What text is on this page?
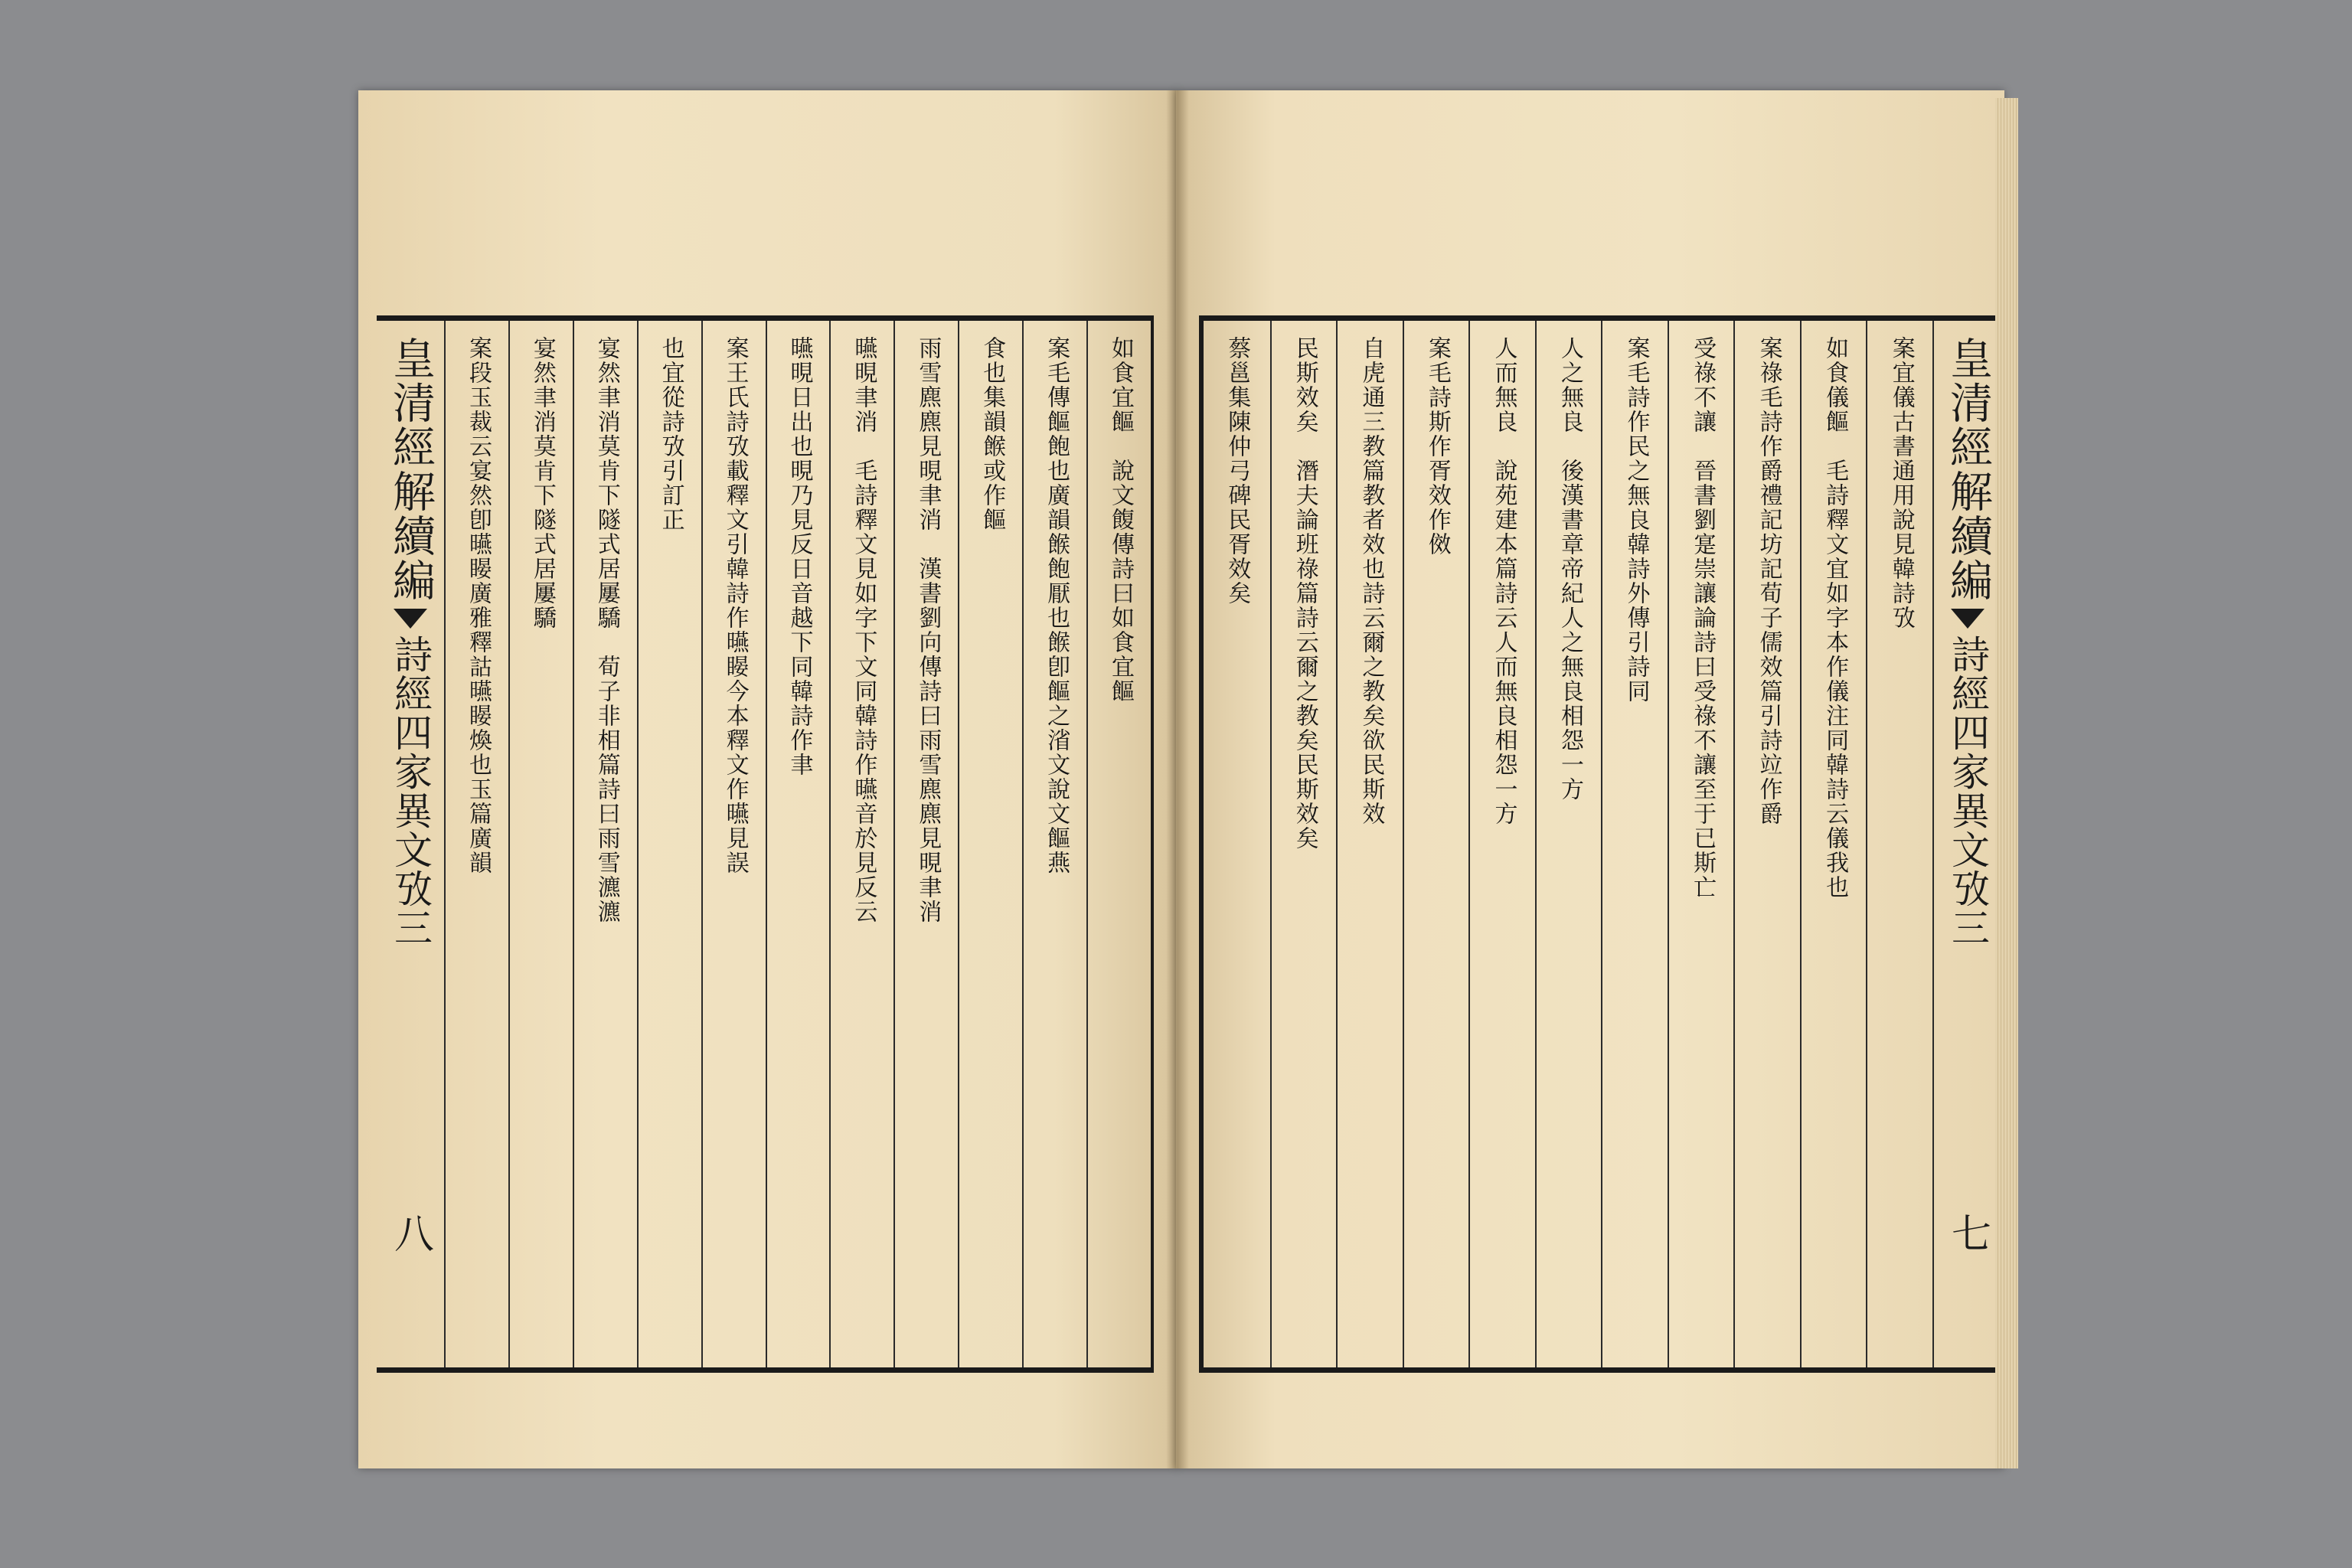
皇清經解續編
詩經四家異文攷三
八
案段玉裁云宴然卽曣䁙廣雅釋詁曣䁙煥也玉篇廣韻 宴然聿消莫肯下隧式居屢驕 宴然聿消莫肯下隧式居屢驕　荀子非相篇詩曰雨雪瀌瀌 也宜從詩攷引訂正 案王氏詩攷載釋文引韓詩作曣䁙今本釋文作曣見誤 曣晛日出也晛乃見反日音越下同韓詩作聿 曣晛聿消　毛詩釋文見如字下文同韓詩作曣音於見反云 雨雪麃麃見晛聿消　漢書劉向傳詩曰雨雪麃麃見晛聿消 食也集韻餱或作饇 案毛傳饇飽也廣韻餱飽厭也餱卽饇之渻文說文饇燕 如食宜饇　說文𩜲傳詩曰如食宜饇	皇清經解續編
詩經四家異文攷三
七
蔡邕集陳仲弓碑民胥效矣 民斯效矣　潛夫論班祿篇詩云爾之教矣民斯效矣 自虎通三教篇教者效也詩云爾之教矣欲民斯效 案毛詩斯作胥效作傚 人而無良　說苑建本篇詩云人而無良相怨一方 人之無良　後漢書章帝紀人之無良相怨一方 案毛詩作民之無良韓詩外傳引詩同 受祿不讓　晉書劉寔崇讓論詩曰受祿不讓至于已斯亡 案祿毛詩作爵禮記坊記荀子儒效篇引詩竝作爵 如食儀饇　毛詩釋文宜如字本作儀注同韓詩云儀我也 案宜儀古書通用說見韓詩攷
